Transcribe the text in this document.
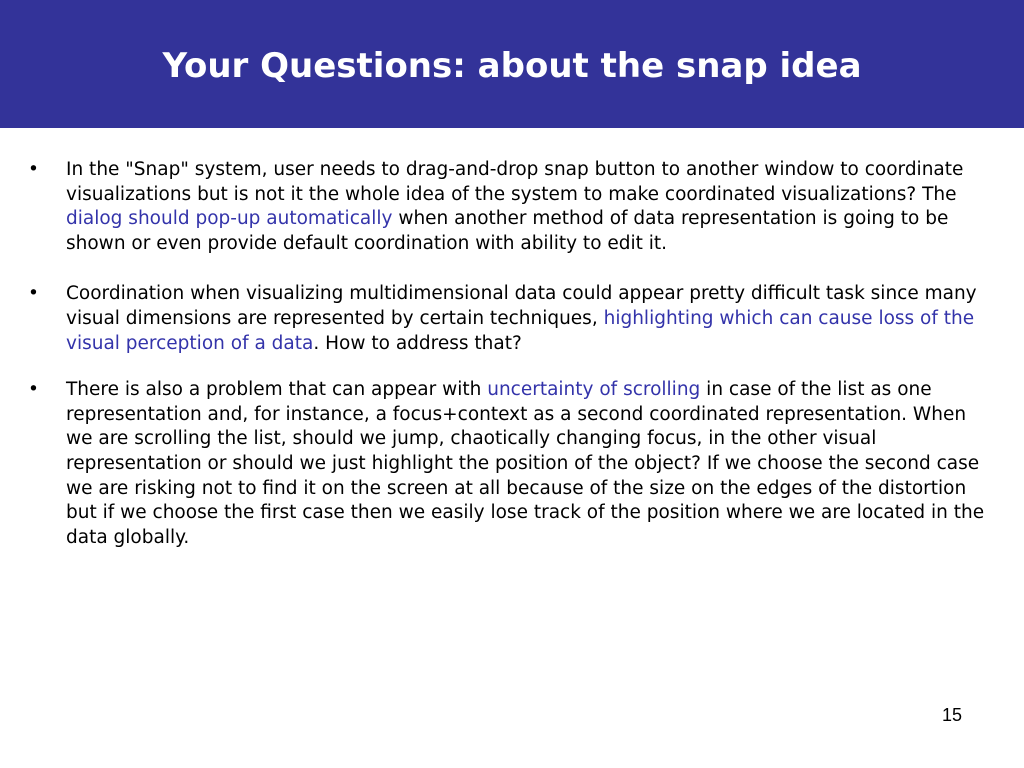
Your Questions: about the snap idea

•	In the "Snap" system, user needs to drag-and-drop snap button to another window to coordinate visualizations but is not it the whole idea of the system to make coordinated visualizations? The dialog should pop-up automatically when another method of data representation is going to be shown or even provide default coordination with ability to edit it.

•	Coordination when visualizing multidimensional data could appear pretty difficult task since many visual dimensions are represented by certain techniques, highlighting which can cause loss of the visual perception of a data. How to address that?

•	There is also a problem that can appear with uncertainty of scrolling in case of the list as one representation and, for instance, a focus+context as a second coordinated representation. When we are scrolling the list, should we jump, chaotically changing focus, in the other visual representation or should we just highlight the position of the object? If we choose the second case we are risking not to find it on the screen at all because of the size on the edges of the distortion but if we choose the first case then we easily lose track of the position where we are located in the data globally.

15
